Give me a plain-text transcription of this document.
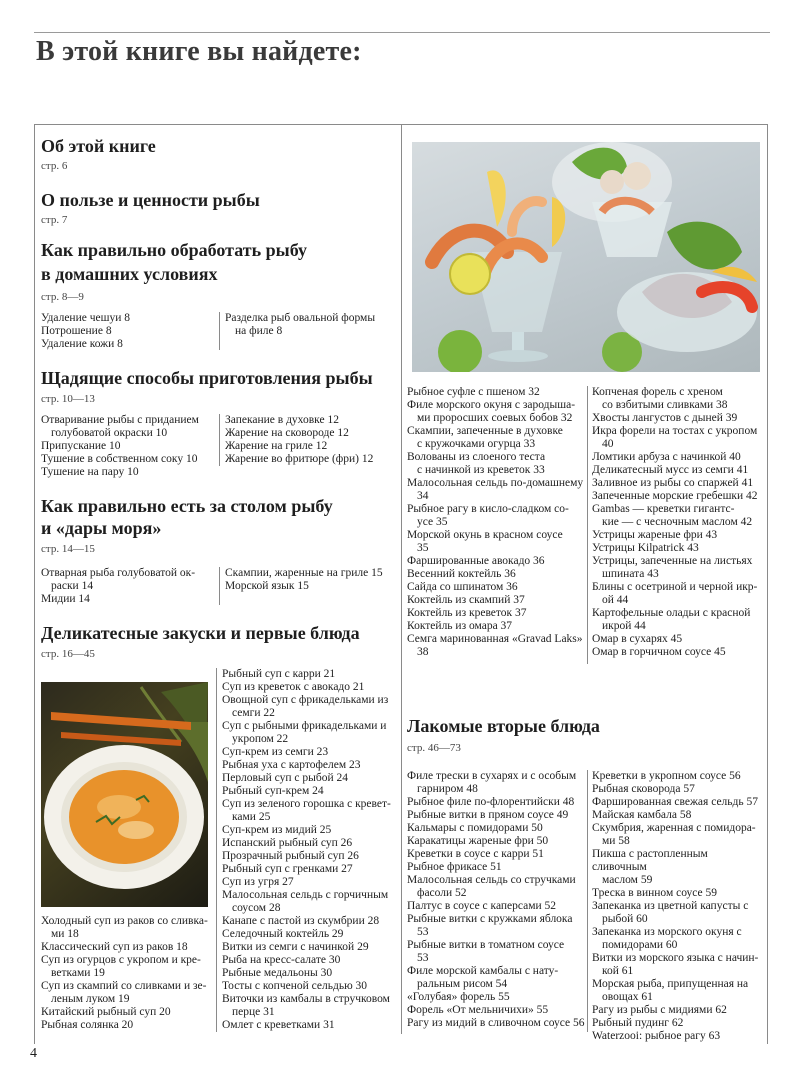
В этой книге вы найдете:
Об этой книге
стр. 6
О пользе и ценности рыбы
стр. 7
Как правильно обработать рыбу
в домашних условиях
стр. 8—9
Удаление чешуи 8
Потрошение 8
Удаление кожи 8
Разделка рыб овальной формы
на филе 8
Щадящие способы приготовления рыбы
стр. 10—13
Отваривание рыбы с приданием
голубоватой окраски 10
Припускание 10
Тушение в собственном соку 10
Тушение на пару 10
Запекание в духовке 12
Жарение на сковороде 12
Жарение на гриле 12
Жарение во фритюре (фри) 12
Как правильно есть за столом рыбу
и «дары моря»
стр. 14—15
Отварная рыба голубоватой ок-
раски 14
Мидии 14
Скампии, жаренные на гриле 15
Морской язык 15
Деликатесные закуски и первые блюда
стр. 16—45
Холодный суп из раков со сливка-
ми 18
Классический суп из раков 18
Суп из огурцов с укропом и кре-
ветками 19
Суп из скампий со сливками и зе-
леным луком 19
Китайский рыбный суп 20
Рыбная солянка 20
Рыбный суп с карри 21
Суп из креветок с авокадо 21
Овощной суп с фрикадельками из
семги 22
Суп с рыбными фрикадельками и
укропом 22
Суп-крем из семги 23
Рыбная уха с картофелем 23
Перловый суп с рыбой 24
Рыбный суп-крем 24
Суп из зеленого горошка с кревет-
ками 25
Суп-крем из мидий 25
Испанский рыбный суп 26
Прозрачный рыбный суп 26
Рыбный суп с гренками 27
Суп из угря 27
Малосольная сельдь с горчичным
соусом 28
Канапе с пастой из скумбрии 28
Селедочный коктейль 29
Витки из семги с начинкой 29
Рыба на кресс-салате 30
Рыбные медальоны 30
Тосты с копченой сельдью 30
Виточки из камбалы в стручковом
перце 31
Омлет с креветками 31
Рыбное суфле с пшеном 32
Филе морского окуня с зародыша-
ми проросших соевых бобов 32
Скампии, запеченные в духовке
с кружочками огурца 33
Волованы из слоеного теста
с начинкой из креветок 33
Малосольная сельдь по-домашнему
34
Рыбное рагу в кисло-сладком со-
усе 35
Морской окунь в красном соусе
35
Фаршированные авокадо 36
Весенний коктейль 36
Сайда со шпинатом 36
Коктейль из скампий 37
Коктейль из креветок 37
Коктейль из омара 37
Семга маринованная «Gravad Laks»
38
Копченая форель с хреном
со взбитыми сливками 38
Хвосты лангустов с дыней 39
Икра форели на тостах с укропом
40
Ломтики арбуза с начинкой 40
Деликатесный мусс из семги 41
Заливное из рыбы со спаржей 41
Запеченные морские гребешки 42
Gambas — креветки гигантс-
кие — с чесночным маслом 42
Устрицы жареные фри 43
Устрицы Kilpatrick 43
Устрицы, запеченные на листьях
шпината 43
Блины с осетриной и черной икр-
ой 44
Картофельные оладьи с красной
икрой 44
Омар в сухарях 45
Омар в горчичном соусе 45
Лакомые вторые блюда
стр. 46—73
Филе трески в сухарях и с особым
гарниром 48
Рыбное филе по-флорентийски 48
Рыбные витки в пряном соусе 49
Кальмары с помидорами 50
Каракатицы жареные фри 50
Креветки в соусе с карри 51
Рыбное фрикасе 51
Малосольная сельдь со стручками
фасоли 52
Палтус в соусе с каперсами 52
Рыбные витки с кружками яблока
53
Рыбные витки в томатном соусе
53
Филе морской камбалы с нату-
ральным рисом 54
«Голубая» форель 55
Форель «От мельничихи» 55
Рагу из мидий в сливочном соусе 56
Креветки в укропном соусе 56
Рыбная сковорода 57
Фаршированная свежая сельдь 57
Майская камбала 58
Скумбрия, жаренная с помидора-
ми 58
Пикша с растопленным сливочным
маслом 59
Треска в винном соусе 59
Запеканка из цветной капусты с
рыбой 60
Запеканка из морского окуня с
помидорами 60
Витки из морского языка с начин-
кой 61
Морская рыба, припущенная на
овощах 61
Рагу из рыбы с мидиями 62
Рыбный пудинг 62
Waterzooi: рыбное рагу 63
4
